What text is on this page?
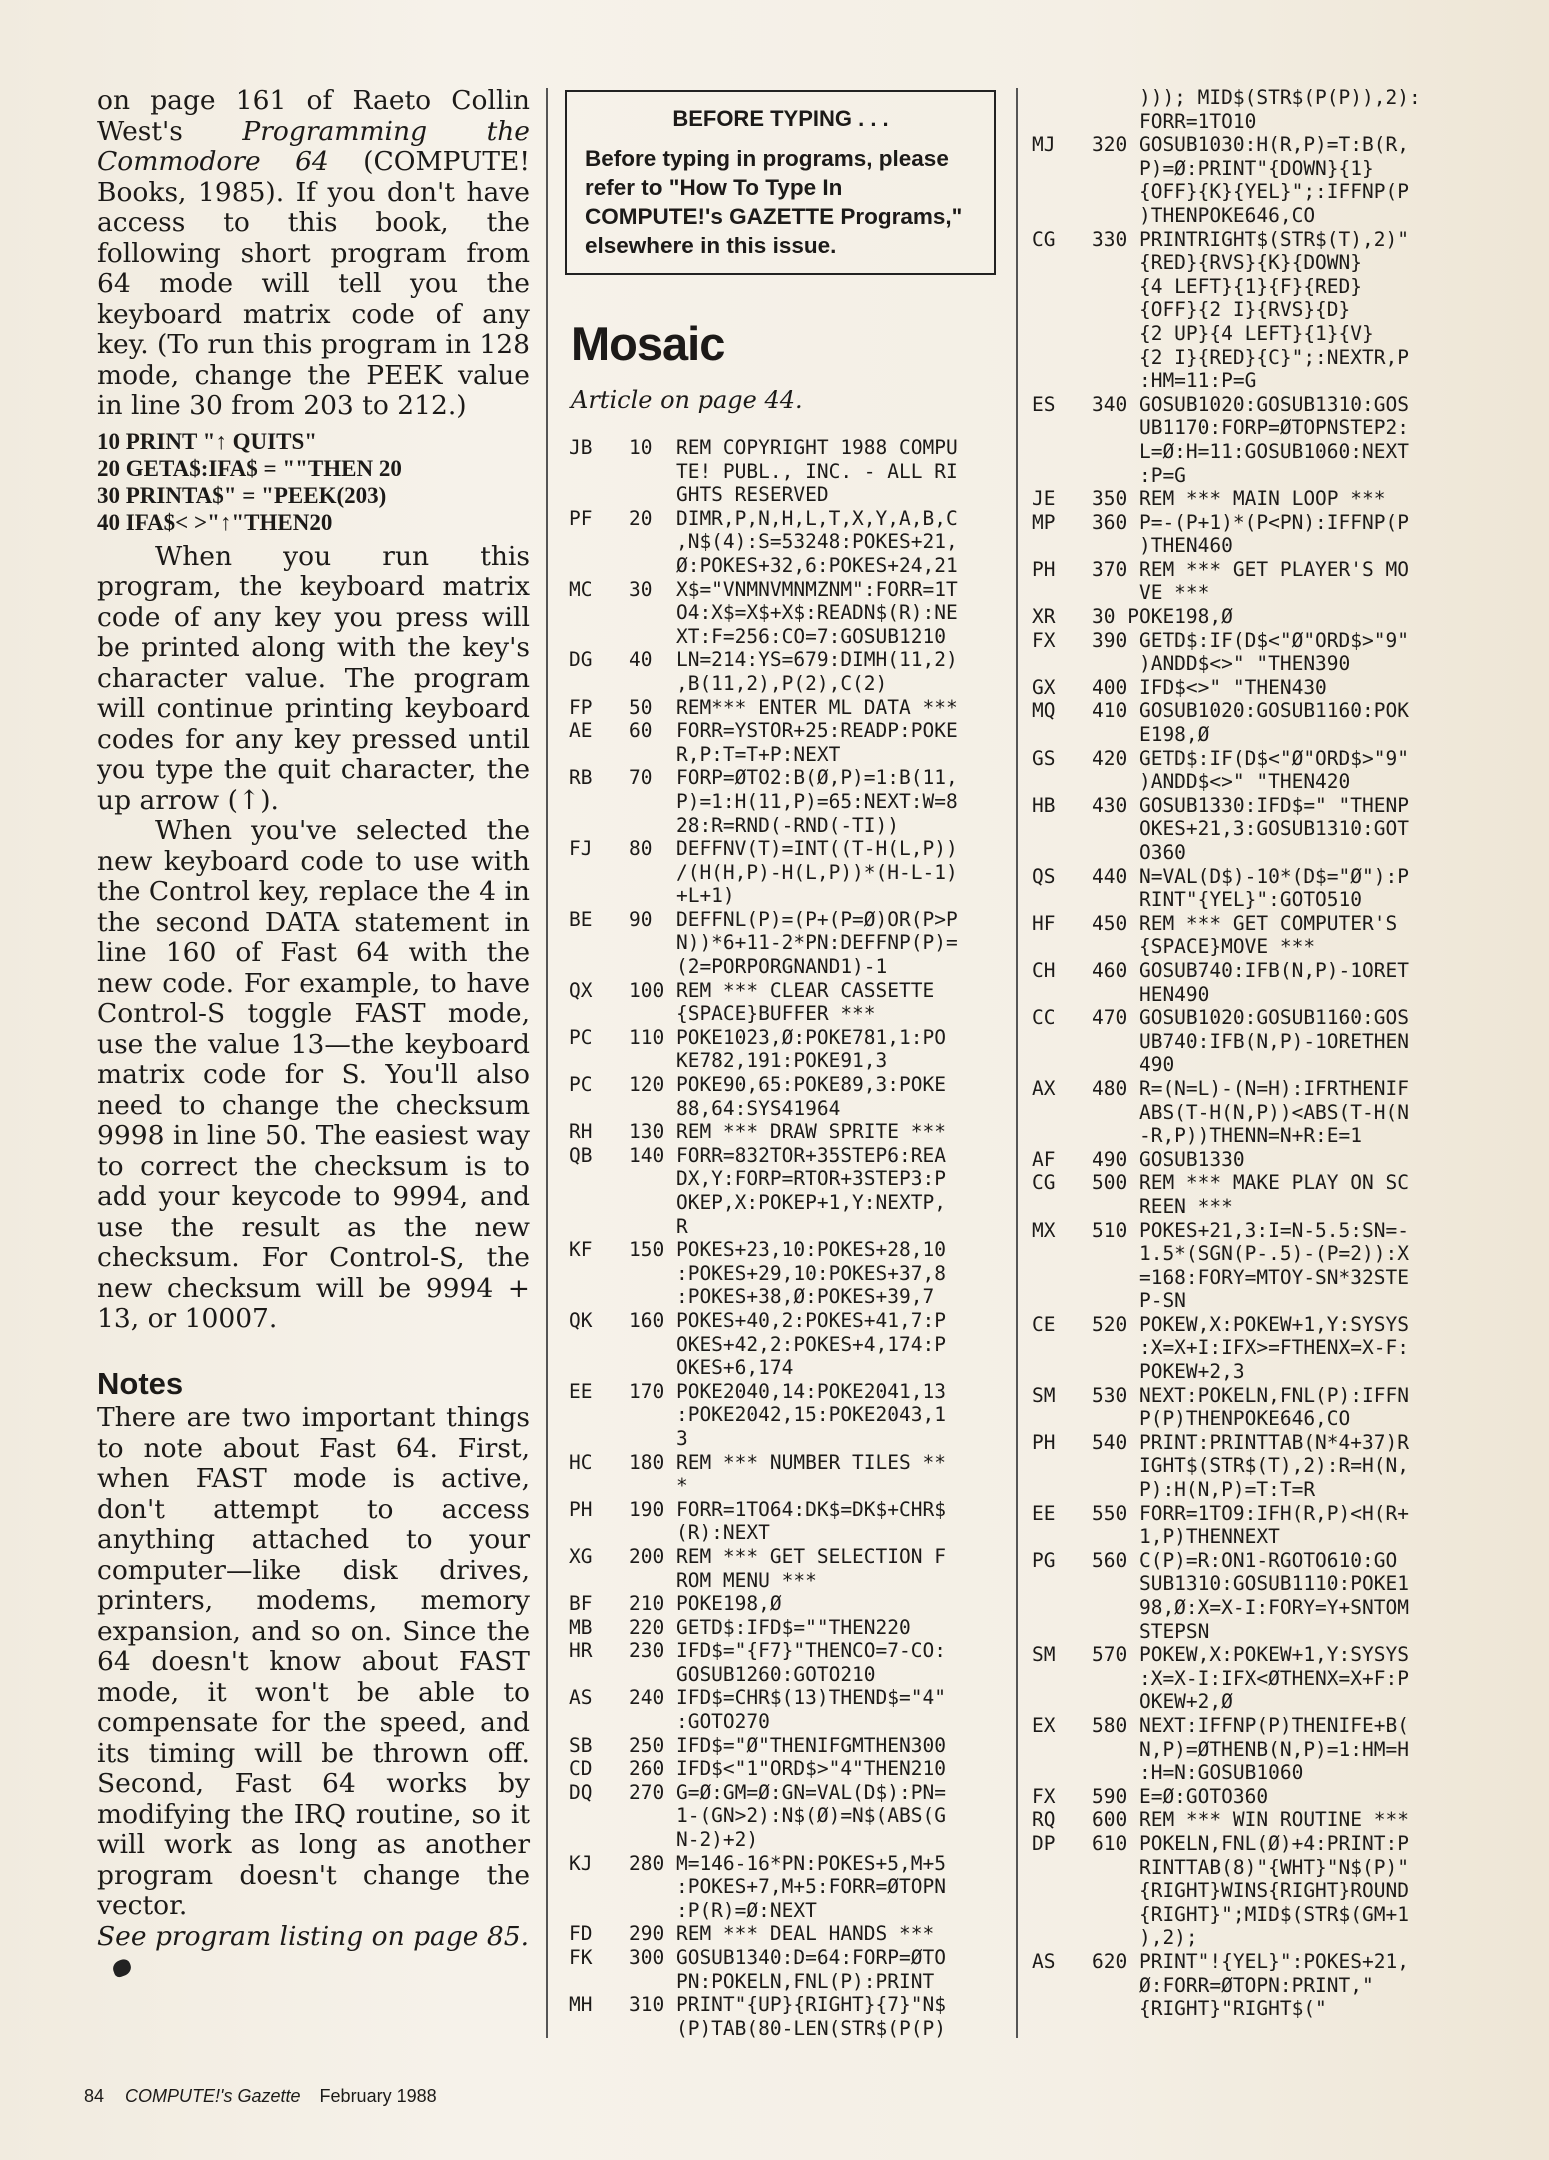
on page 161 of Raeto Collin West's Programming the Commodore 64 (COMPUTE! Books, 1985). If you don't have access to this book, the following short program from 64 mode will tell you the keyboard matrix code of any key. (To run this program in 128 mode, change the PEEK value in line 30 from 203 to 212.)

10 PRINT "↑ QUITS"
20 GETA$:IFA$ = ""THEN 20
30 PRINTA$" = "PEEK(203)
40 IFA$< >"↑"THEN20

When you run this program, the keyboard matrix code of any key you press will be printed along with the key's character value. The program will continue printing keyboard codes for any key pressed until you type the quit character, the up arrow (↑).

When you've selected the new keyboard code to use with the Control key, replace the 4 in the second DATA statement in line 160 of Fast 64 with the new code. For example, to have Control-S toggle FAST mode, use the value 13—the keyboard matrix code for S. You'll also need to change the checksum 9998 in line 50. The easiest way to correct the checksum is to add your keycode to 9994, and use the result as the new checksum. For Control-S, the new checksum will be 9994 + 13, or 10007.

Notes

There are two important things to note about Fast 64. First, when FAST mode is active, don't attempt to access anything attached to your computer—like disk drives, printers, modems, memory expansion, and so on. Since the 64 doesn't know about FAST mode, it won't be able to compensate for the speed, and its timing will be thrown off. Second, Fast 64 works by modifying the IRQ routine, so it will work as long as another program doesn't change the vector.

See program listing on page 85.

BEFORE TYPING . . .
Before typing in programs, please refer to "How To Type In COMPUTE!'s GAZETTE Programs," elsewhere in this issue.
Mosaic
Article on page 44.
JB 10  REM COPYRIGHT 1988 COMPU
TE! PUBL., INC. - ALL RI
GHTS RESERVED
PF 20  DIMR,P,N,H,L,T,X,Y,A,B,C
,N$(4):S=53248:POKES+21,
Ø:POKES+32,6:POKES+24,21
MC 30  X$="VNMNVMNMZNM":FORR=1T
O4:X$=X$+X$:READN$(R):NE
XT:F=256:CO=7:GOSUB1210
DG 40  LN=214:YS=679:DIMH(11,2)
,B(11,2),P(2),C(2)
FP 50  REM*** ENTER ML DATA ***
AE 60  FORR=YSTOR+25:READP:POKE
R,P:T=T+P:NEXT
RB 70  FORP=ØTO2:B(Ø,P)=1:B(11,
P)=1:H(11,P)=65:NEXT:W=8
28:R=RND(-RND(-TI))
FJ 80  DEFFNV(T)=INT((T-H(L,P))
/(H(H,P)-H(L,P))*(H-L-1)
+L+1)
BE 90  DEFFNL(P)=(P+(P=Ø)OR(P>P
N))*6+11-2*PN:DEFFNP(P)=
(2=PORPORGNAND1)-1
QX 100 REM *** CLEAR CASSETTE
{SPACE}BUFFER ***
PC 110 POKE1023,Ø:POKE781,1:PO
KE782,191:POKE91,3
PC 120 POKE90,65:POKE89,3:POKE
88,64:SYS41964
RH 130 REM *** DRAW SPRITE ***
QB 140 FORR=832TOR+35STEP6:REA
DX,Y:FORP=RTOR+3STEP3:P
OKEP,X:POKEP+1,Y:NEXTP,
R
KF 150 POKES+23,10:POKES+28,10
:POKES+29,10:POKES+37,8
:POKES+38,Ø:POKES+39,7
QK 160 POKES+40,2:POKES+41,7:P
OKES+42,2:POKES+4,174:P
OKES+6,174
EE 170 POKE2040,14:POKE2041,13
:POKE2042,15:POKE2043,1
3
HC 180 REM *** NUMBER TILES **
*
PH 190 FORR=1TO64:DK$=DK$+CHR$
(R):NEXT
XG 200 REM *** GET SELECTION F
ROM MENU ***
BF 210 POKE198,Ø
MB 220 GETD$:IFD$=""THEN220
HR 230 IFD$="{F7}"THENCO=7-CO:
GOSUB1260:GOTO210
AS 240 IFD$=CHR$(13)THEND$="4"
:GOTO270
SB 250 IFD$="Ø"THENIFGMTHEN300
CD 260 IFD$<"1"ORD$>"4"THEN210
DQ 270 G=Ø:GM=Ø:GN=VAL(D$):PN=
1-(GN>2):N$(Ø)=N$(ABS(G
N-2)+2)
KJ 280 M=146-16*PN:POKES+5,M+5
:POKES+7,M+5:FORR=ØTOPN
:P(R)=Ø:NEXT
FD 290 REM *** DEAL HANDS ***
FK 300 GOSUB1340:D=64:FORP=ØTO
PN:POKELN,FNL(P):PRINT
MH 310 PRINT"{UP}{RIGHT}{7}"N$
(P)TAB(80-LEN(STR$(P(P)
))); MID$(STR$(P(P)),2):
FORR=1TO10
MJ 320 GOSUB1030:H(R,P)=T:B(R,
P)=Ø:PRINT"{DOWN}{1}
{OFF}{K}{YEL}";:IFFNP(P
)THENPOKE646,CO
CG 330 PRINTRIGHT$(STR$(T),2)"
{RED}{RVS}{K}{DOWN}
{4 LEFT}{1}{F}{RED}
{OFF}{2 I}{RVS}{D}
{2 UP}{4 LEFT}{1}{V}
{2 I}{RED}{C}";:NEXTR,P
:HM=11:P=G
ES 340 GOSUB1020:GOSUB1310:GOS
UB1170:FORP=ØTOPNSTEP2:
L=Ø:H=11:GOSUB1060:NEXT
:P=G
JE 350 REM *** MAIN LOOP ***
MP 360 P=-(P+1)*(P<PN):IFFNP(P
)THEN460
PH 370 REM *** GET PLAYER'S MO
VE ***
XR 30 POKE198,Ø
FX 390 GETD$:IF(D$<"Ø"ORD$>"9"
)ANDD$<>" "THEN390
GX 400 IFD$<>" "THEN430
MQ 410 GOSUB1020:GOSUB1160:POK
E198,Ø
GS 420 GETD$:IF(D$<"Ø"ORD$>"9"
)ANDD$<>" "THEN420
HB 430 GOSUB1330:IFD$=" "THENP
OKES+21,3:GOSUB1310:GOT
O360
QS 440 N=VAL(D$)-10*(D$="Ø"):P
RINT"{YEL}":GOTO510
HF 450 REM *** GET COMPUTER'S
{SPACE}MOVE ***
CH 460 GOSUB740:IFB(N,P)-1ORET
HEN490
CC 470 GOSUB1020:GOSUB1160:GOS
UB740:IFB(N,P)-1ORETHEN
490
AX 480 R=(N=L)-(N=H):IFRTHENIF
ABS(T-H(N,P))<ABS(T-H(N
-R,P))THENN=N+R:E=1
AF 490 GOSUB1330
CG 500 REM *** MAKE PLAY ON SC
REEN ***
MX 510 POKES+21,3:I=N-5.5:SN=-
1.5*(SGN(P-.5)-(P=2)):X
=168:FORY=MTOY-SN*32STE
P-SN
CE 520 POKEW,X:POKEW+1,Y:SYSYS
:X=X+I:IFX>=FTHENX=X-F:
POKEW+2,3
SM 530 NEXT:POKELN,FNL(P):IFFN
P(P)THENPOKE646,CO
PH 540 PRINT:PRINTTAB(N*4+37)R
IGHT$(STR$(T),2):R=H(N,
P):H(N,P)=T:T=R
EE 550 FORR=1TO9:IFH(R,P)<H(R+
1,P)THENNEXT
PG 560 C(P)=R:ON1-RGOTO610:GO
SUB1310:GOSUB1110:POKE1
98,Ø:X=X-I:FORY=Y+SNTOM
STEPSN
SM 570 POKEW,X:POKEW+1,Y:SYSYS
:X=X-I:IFX<ØTHENX=X+F:P
OKEW+2,Ø
EX 580 NEXT:IFFNP(P)THENIFE+B(
N,P)=ØTHENB(N,P)=1:HM=H
:H=N:GOSUB1060
FX 590 E=Ø:GOTO360
RQ 600 REM *** WIN ROUTINE ***
DP 610 POKELN,FNL(Ø)+4:PRINT:P
RINTTAB(8)"{WHT}"N$(P)"
{RIGHT}WINS{RIGHT}ROUND
{RIGHT}";MID$(STR$(GM+1
),2);
AS 620 PRINT"!{YEL}":POKES+21,
Ø:FORR=ØTOPN:PRINT,"
{RIGHT}"RIGHT$("
84 COMPUTE!'s Gazette February 1988
